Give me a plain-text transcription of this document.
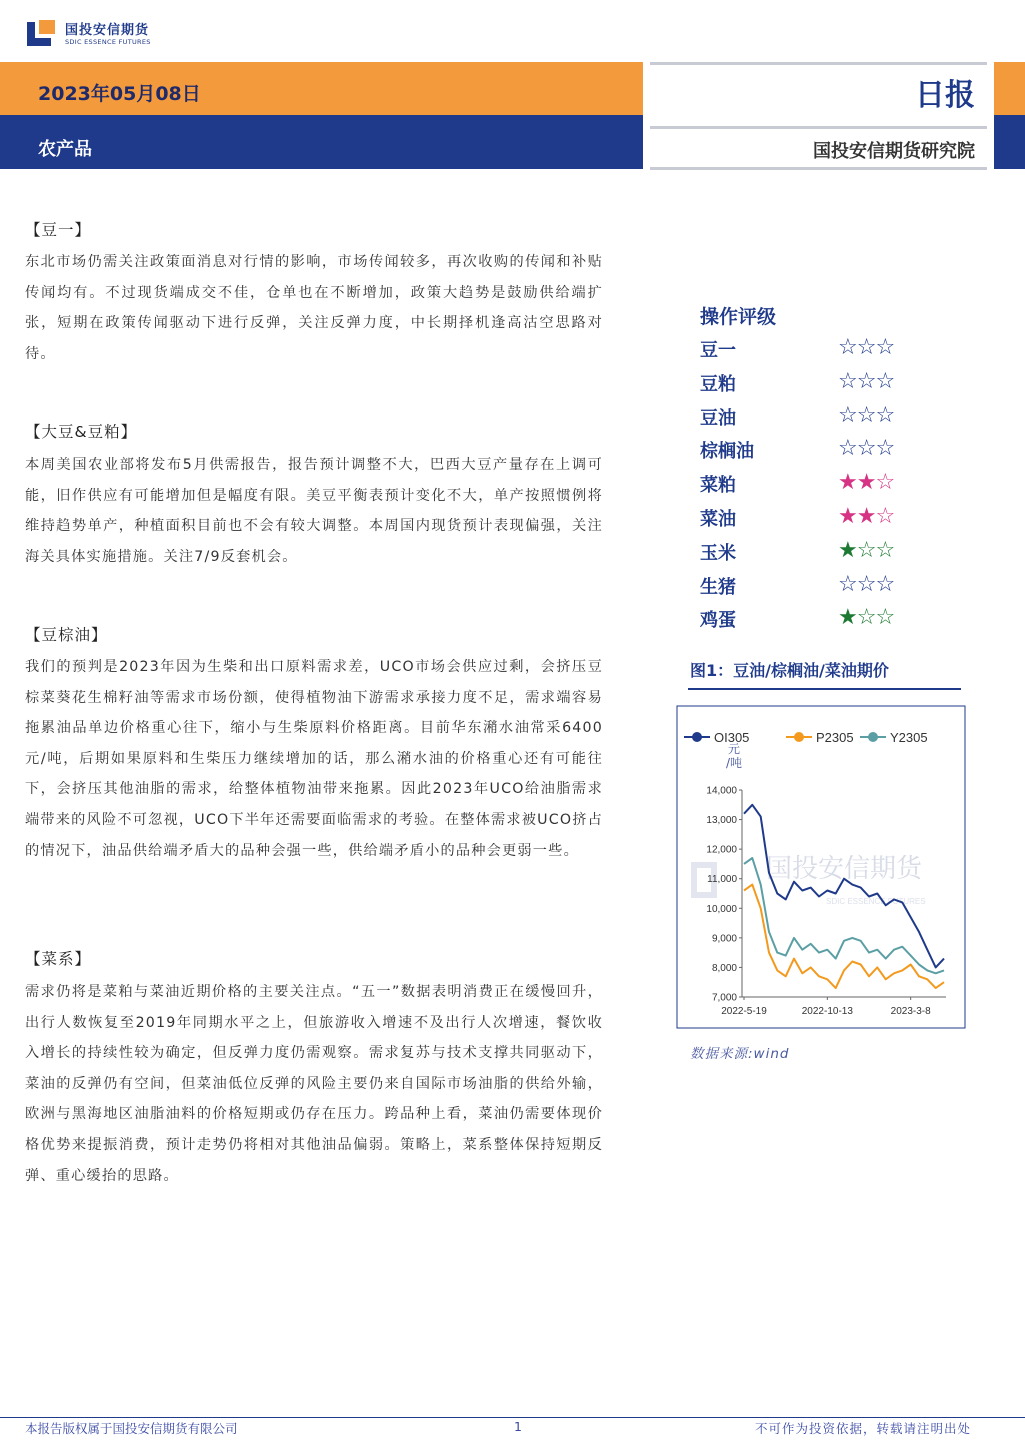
国投安信期货
SDIC ESSENCE FUTURES
2023年05月08日
农产品
日报
国投安信期货研究院
【豆一】
东北市场仍需关注政策面消息对行情的影响，市场传闻较多，再次收购的传闻和补贴传闻均有。不过现货端成交不佳，仓单也在不断增加，政策大趋势是鼓励供给端扩张，短期在政策传闻驱动下进行反弹，关注反弹力度，中长期择机逢高沽空思路对待。
【大豆&豆粕】
本周美国农业部将发布5月供需报告，报告预计调整不大，巴西大豆产量存在上调可能，旧作供应有可能增加但是幅度有限。美豆平衡表预计变化不大，单产按照惯例将维持趋势单产，种植面积目前也不会有较大调整。本周国内现货预计表现偏强，关注海关具体实施措施。关注7/9反套机会。
【豆棕油】
我们的预判是2023年因为生柴和出口原料需求差，UCO市场会供应过剩，会挤压豆棕菜葵花生棉籽油等需求市场份额，使得植物油下游需求承接力度不足，需求端容易拖累油品单边价格重心往下，缩小与生柴原料价格距离。目前华东潲水油常采6400元/吨，后期如果原料和生柴压力继续增加的话，那么潲水油的价格重心还有可能往下，会挤压其他油脂的需求，给整体植物油带来拖累。因此2023年UCO给油脂需求端带来的风险不可忽视，UCO下半年还需要面临需求的考验。在整体需求被UCO挤占的情况下，油品供给端矛盾大的品种会强一些，供给端矛盾小的品种会更弱一些。
【菜系】
需求仍将是菜粕与菜油近期价格的主要关注点。“五一”数据表明消费正在缓慢回升，出行人数恢复至2019年同期水平之上，但旅游收入增速不及出行人次增速，餐饮收入增长的持续性较为确定，但反弹力度仍需观察。需求复苏与技术支撑共同驱动下，菜油的反弹仍有空间，但菜油低位反弹的风险主要仍来自国际市场油脂的供给外输，欧洲与黑海地区油脂油料的价格短期或仍存在压力。跨品种上看，菜油仍需要体现价格优势来提振消费，预计走势仍将相对其他油品偏弱。策略上，菜系整体保持短期反弹、重心缓抬的思路。
操作评级
豆一	☆☆☆
豆粕	☆☆☆
豆油	☆☆☆
棕榈油	☆☆☆
菜粕	★★☆
菜油	★★☆
玉米	★☆☆
生猪	☆☆☆
鸡蛋	★☆☆
图1：豆油/棕榈油/菜油期价
国投安信期货
SDIC ESSENCE FUTURES
7,000
8,000
9,000
10,000
11,000
12,000
13,000
14,000
2022-5-19	2022-10-13	2023-3-8
元
/吨
OI305	P2305	Y2305
数据来源:wind
本报告版权属于国投安信期货有限公司	1	不可作为投资依据，转载请注明出处
